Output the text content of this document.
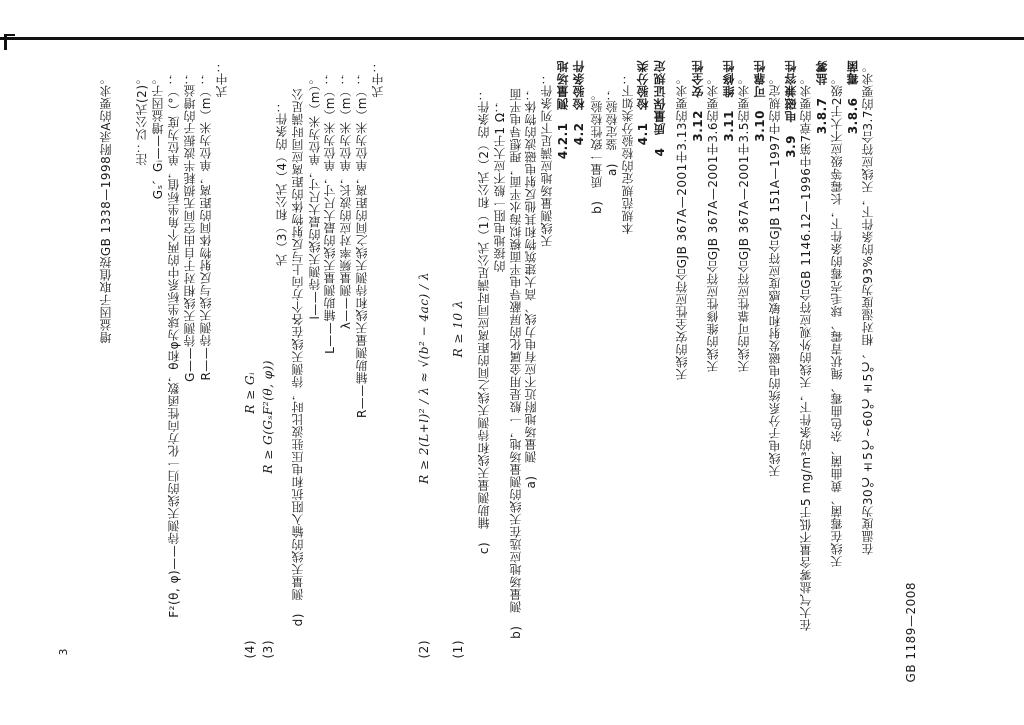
GB 1189—2008
在温度为30℃±5℃~60℃±5℃、相对湿度为93%的条件下，天线应符合3.7的要求。
3.8.6　霉菌
天线在霉菌、黄曲菌、杂色曲霉、绳状青霉、球毛壳霉的条件下，长霉等级应不大于2级。
3.8.7　盐雾
在大气盐雾含量不低于5 mg/m³的条件下，天线的外观应符合GB 1146.12—1996中第7章的要求。
3.9　电磁兼容性
天线电子分系统的电磁发射和敏感度应符合GJB 151A—1997中的规定。
3.10　可靠性
天线的可靠性应符合GJB 367A—2001中3.5的要求。
3.11　维修性
天线的维修性应符合GJB 367A—2001中3.6的要求。
3.12　安全性
天线的安全性应符合GJB 367A—2001中3.13的要求。
4　质量保证规定
4.1　检验分类
本规范规定的检验分类如下：
a)　鉴定检验；
b)　质量一致性检验。
4.2　检验条件
4.2.1　测量场地
天线测量场地应满足下列条件：
a)　测量场地附近不应有电力线、高大建筑物和其他反射电磁波的物体；
b)　测量场地应选在天线的测量场地，一般是用金属化的屏蔽导电平面模拟海水平面，理想导电平面
的接地电阻一般不应大于1 Ω；
c)　辅助测量天线和待测天线之间的距离应同时满足公式（1）和公式（2）的条件：
式中：
R——辅助测量天线和待测天线之间的距离，单位为米（m）；
λ——测量频率对应的波长，单位为米（m）；
L——辅助测量天线的最大尺寸，单位为米（m）；
l——待测天线的最大尺寸，单位为米（m）。
d)　测量天线的输入阻抗和电压驻波比时，待测天线在各个方向上与反射物体的距离应同时满足公
式（3）和公式（4）的条件：
式中：
R——待测天线与反射物体间的距离，单位为米（m）；
G——待测天线相对于自由空间无损耗半波振子的增益；
F²(θ, φ)——待测天线的归一化方向性函数，θ和φ为球坐标系中的两个角坐标值，单位为度（°）；
Gₛ、Gᵢ——增益因子。
注：以公式(2)。
增益因子取值按GB 1338—1998附录A的要求。	R ≥ 10 λ
(1)
R ≥ 2(L+l)² / λ ≈ √(b² − 4ac) / λ
(2)
R ≥ G(GₛF²(θ, φ))
(3)
R ≥ Gᵢ
(4)
3
